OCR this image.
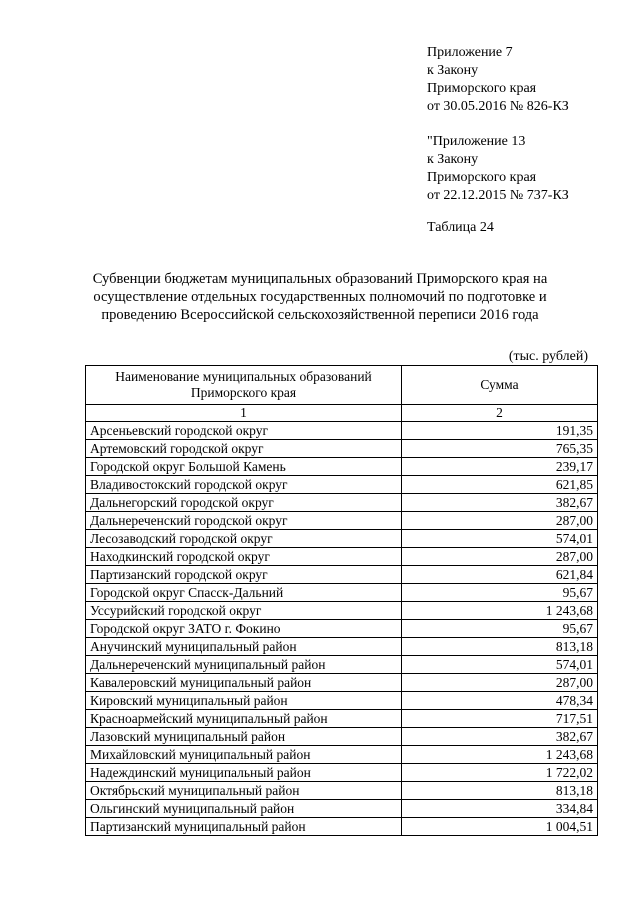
Приложение 7
к Закону
Приморского края
от 30.05.2016 № 826-КЗ
"Приложение 13
к Закону
Приморского края
от 22.12.2015 № 737-КЗ
Таблица 24
Субвенции бюджетам муниципальных образований Приморского края на
осуществление отдельных государственных полномочий по подготовке и
проведению Всероссийской сельскохозяйственной переписи 2016 года
(тыс. рублей)
Наименование муниципальных образований Приморского края	Сумма
1	2
Арсеньевский городской округ	191,35
Артемовский городской округ	765,35
Городской округ Большой Камень	239,17
Владивостокский городской округ	621,85
Дальнегорский городской округ	382,67
Дальнереченский городской округ	287,00
Лесозаводский городской округ	574,01
Находкинский городской округ	287,00
Партизанский городской округ	621,84
Городской округ Спасск-Дальний	95,67
Уссурийский городской округ	1 243,68
Городской округ ЗАТО г. Фокино	95,67
Анучинский муниципальный район	813,18
Дальнереченский муниципальный район	574,01
Кавалеровский муниципальный район	287,00
Кировский муниципальный район	478,34
Красноармейский муниципальный район	717,51
Лазовский муниципальный район	382,67
Михайловский муниципальный район	1 243,68
Надеждинский муниципальный район	1 722,02
Октябрьский муниципальный район	813,18
Ольгинский муниципальный район	334,84
Партизанский муниципальный район	1 004,51
